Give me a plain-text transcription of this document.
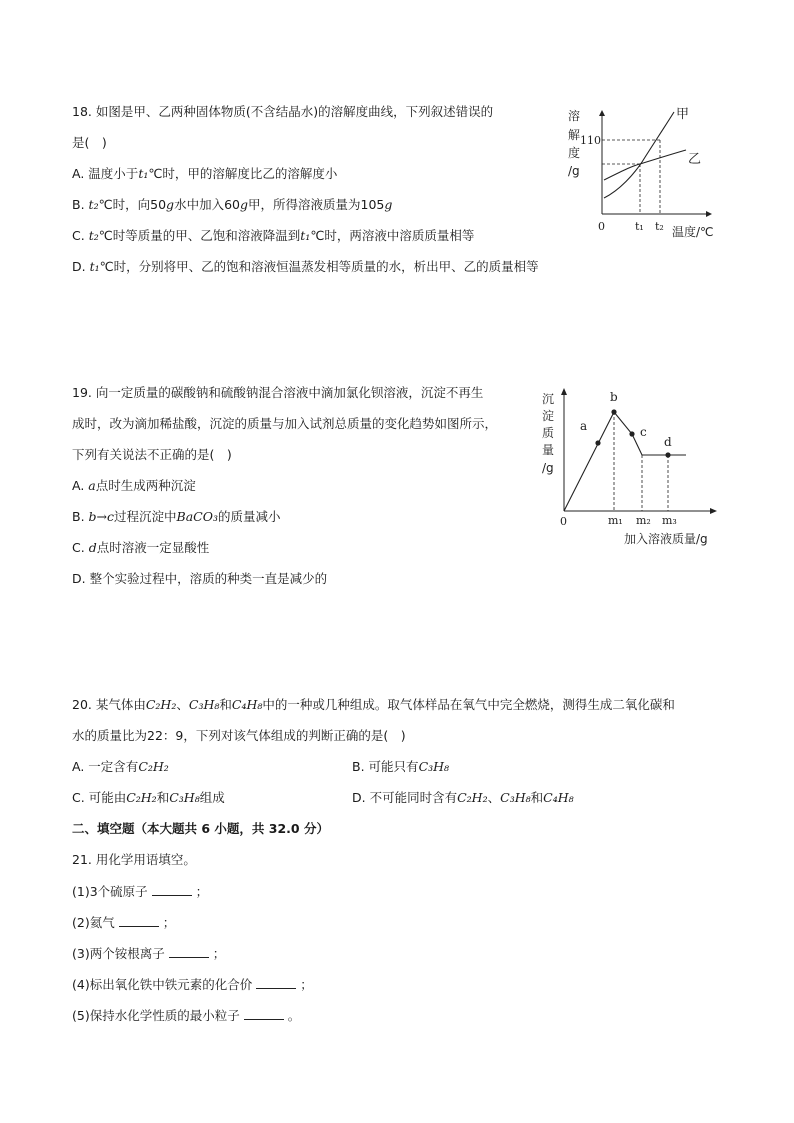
18. 如图是甲、乙两种固体物质(不含结晶水)的溶解度曲线，下列叙述错误的
是(　)
A. 温度小于t₁℃时，甲的溶解度比乙的溶解度小
B. t₂℃时，向50g水中加入60g甲，所得溶液质量为105g
C. t₂℃时等质量的甲、乙饱和溶液降温到t₁℃时，两溶液中溶质质量相等
D. t₁℃时，分别将甲、乙的饱和溶液恒温蒸发相等质量的水，析出甲、乙的质量相等
溶
解
度
/g
110
甲
乙
0	t₁ t₂ 温度/℃
19. 向一定质量的碳酸钠和硫酸钠混合溶液中滴加氯化钡溶液，沉淀不再生
成时，改为滴加稀盐酸，沉淀的质量与加入试剂总质量的变化趋势如图所示，
下列有关说法不正确的是(　)
A. a点时生成两种沉淀
B. b→c过程沉淀中BaCO₃的质量减小
C. d点时溶液一定显酸性
D. 整个实验过程中，溶质的种类一直是减少的
沉
淀
质
量
/g
a
b
c
d
0	m₁ m₂ m₃
加入溶液质量/g
20. 某气体由C₂H₂、C₃H₈和C₄H₈中的一种或几种组成。取气体样品在氧气中完全燃烧，测得生成二氧化碳和
水的质量比为22：9，下列对该气体组成的判断正确的是(　)
A. 一定含有C₂H₂	B. 可能只有C₃H₈
C. 可能由C₂H₂和C₃H₈组成	D. 不可能同时含有C₂H₂、C₃H₈和C₄H₈
二、填空题（本大题共 6 小题，共 32.0 分）
21. 用化学用语填空。
(1)3个硫原子	；
(2)氦气	；
(3)两个铵根离子	；
(4)标出氧化铁中铁元素的化合价	；
(5)保持水化学性质的最小粒子	。
